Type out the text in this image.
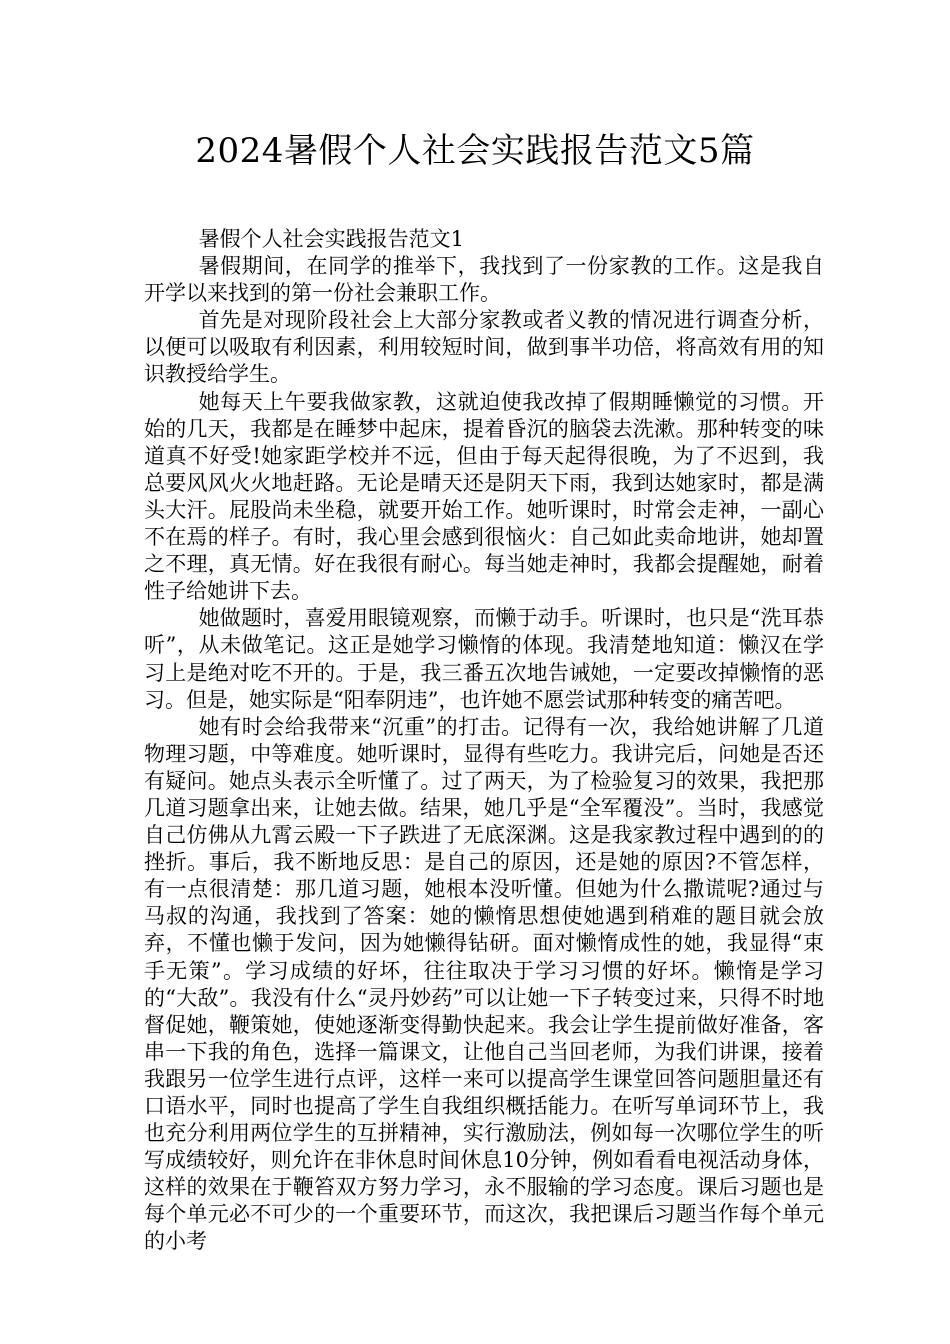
2024暑假个人社会实践报告范文5篇

暑假个人社会实践报告范文1

暑假期间，在同学的推举下，我找到了一份家教的工作。这是我自开学以来找到的第一份社会兼职工作。

首先是对现阶段社会上大部分家教或者义教的情况进行调查分析，以便可以吸取有利因素，利用较短时间，做到事半功倍，将高效有用的知识教授给学生。

她每天上午要我做家教，这就迫使我改掉了假期睡懒觉的习惯。开始的几天，我都是在睡梦中起床，提着昏沉的脑袋去洗漱。那种转变的味道真不好受!她家距学校并不远，但由于每天起得很晚，为了不迟到，我总要风风火火地赶路。无论是晴天还是阴天下雨，我到达她家时，都是满头大汗。屁股尚未坐稳，就要开始工作。她听课时，时常会走神，一副心不在焉的样子。有时，我心里会感到很恼火：自己如此卖命地讲，她却置之不理，真无情。好在我很有耐心。每当她走神时，我都会提醒她，耐着性子给她讲下去。

她做题时，喜爱用眼镜观察，而懒于动手。听课时，也只是“洗耳恭听”，从未做笔记。这正是她学习懒惰的体现。我清楚地知道：懒汉在学习上是绝对吃不开的。于是，我三番五次地告诫她，一定要改掉懒惰的恶习。但是，她实际是“阳奉阴违”，也许她不愿尝试那种转变的痛苦吧。

她有时会给我带来“沉重”的打击。记得有一次，我给她讲解了几道物理习题，中等难度。她听课时，显得有些吃力。我讲完后，问她是否还有疑问。她点头表示全听懂了。过了两天，为了检验复习的效果，我把那几道习题拿出来，让她去做。结果，她几乎是“全军覆没”。当时，我感觉自己仿佛从九霄云殿一下子跌进了无底深渊。这是我家教过程中遇到的的挫折。事后，我不断地反思：是自己的原因，还是她的原因?不管怎样，有一点很清楚：那几道习题，她根本没听懂。但她为什么撒谎呢?通过与马叔的沟通，我找到了答案：她的懒惰思想使她遇到稍难的题目就会放弃，不懂也懒于发问，因为她懒得钻研。面对懒惰成性的她，我显得“束手无策”。学习成绩的好坏，往往取决于学习习惯的好坏。懒惰是学习的“大敌”。我没有什么“灵丹妙药”可以让她一下子转变过来，只得不时地督促她，鞭策她，使她逐渐变得勤快起来。我会让学生提前做好准备，客串一下我的角色，选择一篇课文，让他自己当回老师，为我们讲课，接着我跟另一位学生进行点评，这样一来可以提高学生课堂回答问题胆量还有口语水平，同时也提高了学生自我组织概括能力。在听写单词环节上，我也充分利用两位学生的互拼精神，实行激励法，例如每一次哪位学生的听写成绩较好，则允许在非休息时间休息10分钟，例如看看电视活动身体，这样的效果在于鞭笞双方努力学习，永不服输的学习态度。课后习题也是每个单元必不可少的一个重要环节，而这次，我把课后习题当作每个单元的小考
